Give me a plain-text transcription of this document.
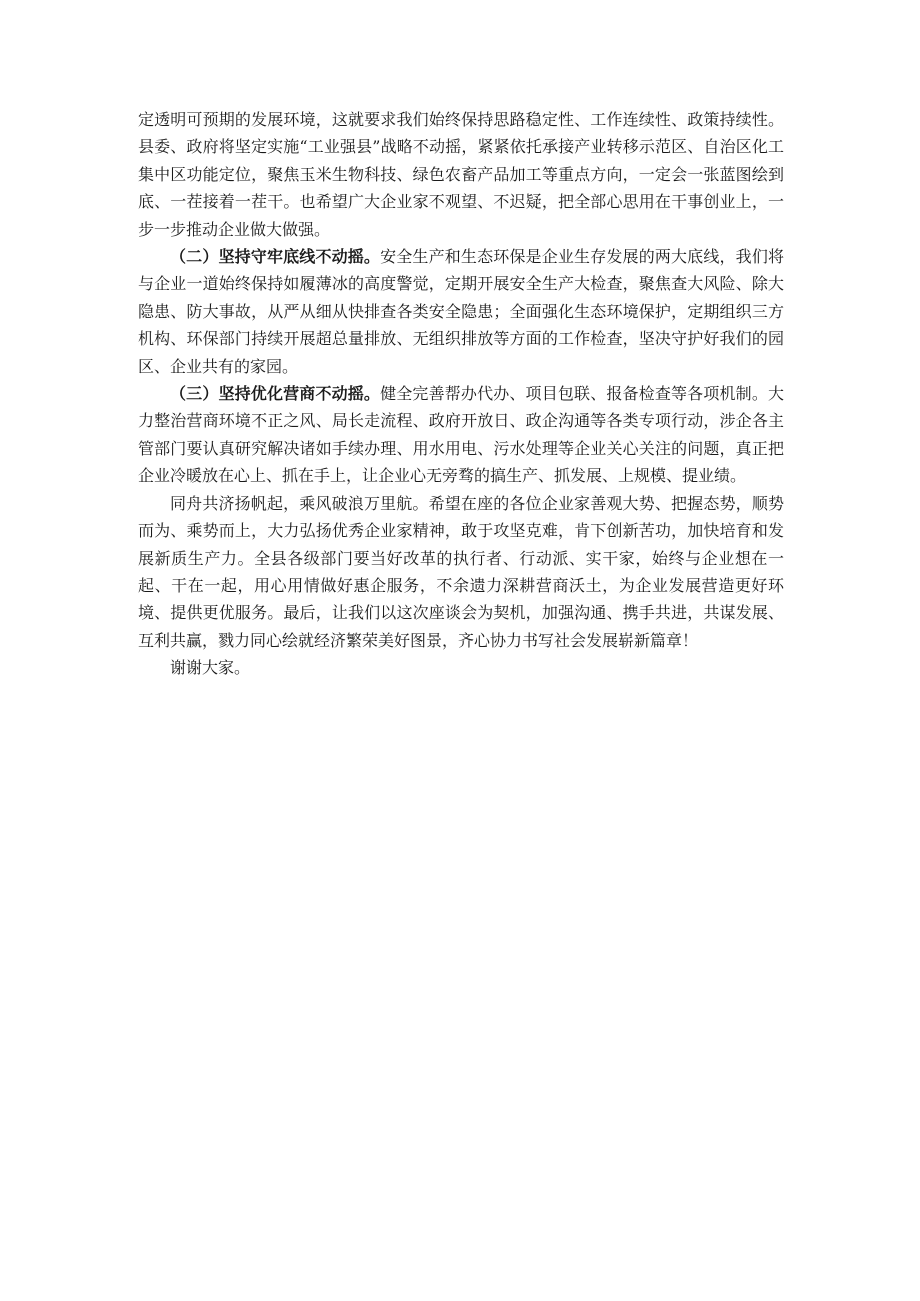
定透明可预期的发展环境，这就要求我们始终保持思路稳定性、工作连续性、政策持续性。县委、政府将坚定实施“工业强县”战略不动摇，紧紧依托承接产业转移示范区、自治区化工集中区功能定位，聚焦玉米生物科技、绿色农畜产品加工等重点方向，一定会一张蓝图绘到底、一茬接着一茬干。也希望广大企业家不观望、不迟疑，把全部心思用在干事创业上，一步一步推动企业做大做强。

（二）坚持守牢底线不动摇。安全生产和生态环保是企业生存发展的两大底线，我们将与企业一道始终保持如履薄冰的高度警觉，定期开展安全生产大检查，聚焦查大风险、除大隐患、防大事故，从严从细从快排查各类安全隐患；全面强化生态环境保护，定期组织三方机构、环保部门持续开展超总量排放、无组织排放等方面的工作检查，坚决守护好我们的园区、企业共有的家园。

（三）坚持优化营商不动摇。健全完善帮办代办、项目包联、报备检查等各项机制。大力整治营商环境不正之风、局长走流程、政府开放日、政企沟通等各类专项行动，涉企各主管部门要认真研究解决诸如手续办理、用水用电、污水处理等企业关心关注的问题，真正把企业冷暖放在心上、抓在手上，让企业心无旁骛的搞生产、抓发展、上规模、提业绩。

同舟共济扬帆起，乘风破浪万里航。希望在座的各位企业家善观大势、把握态势，顺势而为、乘势而上，大力弘扬优秀企业家精神，敢于攻坚克难，肯下创新苦功，加快培育和发展新质生产力。全县各级部门要当好改革的执行者、行动派、实干家，始终与企业想在一起、干在一起，用心用情做好惠企服务，不余遗力深耕营商沃土，为企业发展营造更好环境、提供更优服务。最后，让我们以这次座谈会为契机，加强沟通、携手共进，共谋发展、互利共赢，戮力同心绘就经济繁荣美好图景，齐心协力书写社会发展崭新篇章！

谢谢大家。
